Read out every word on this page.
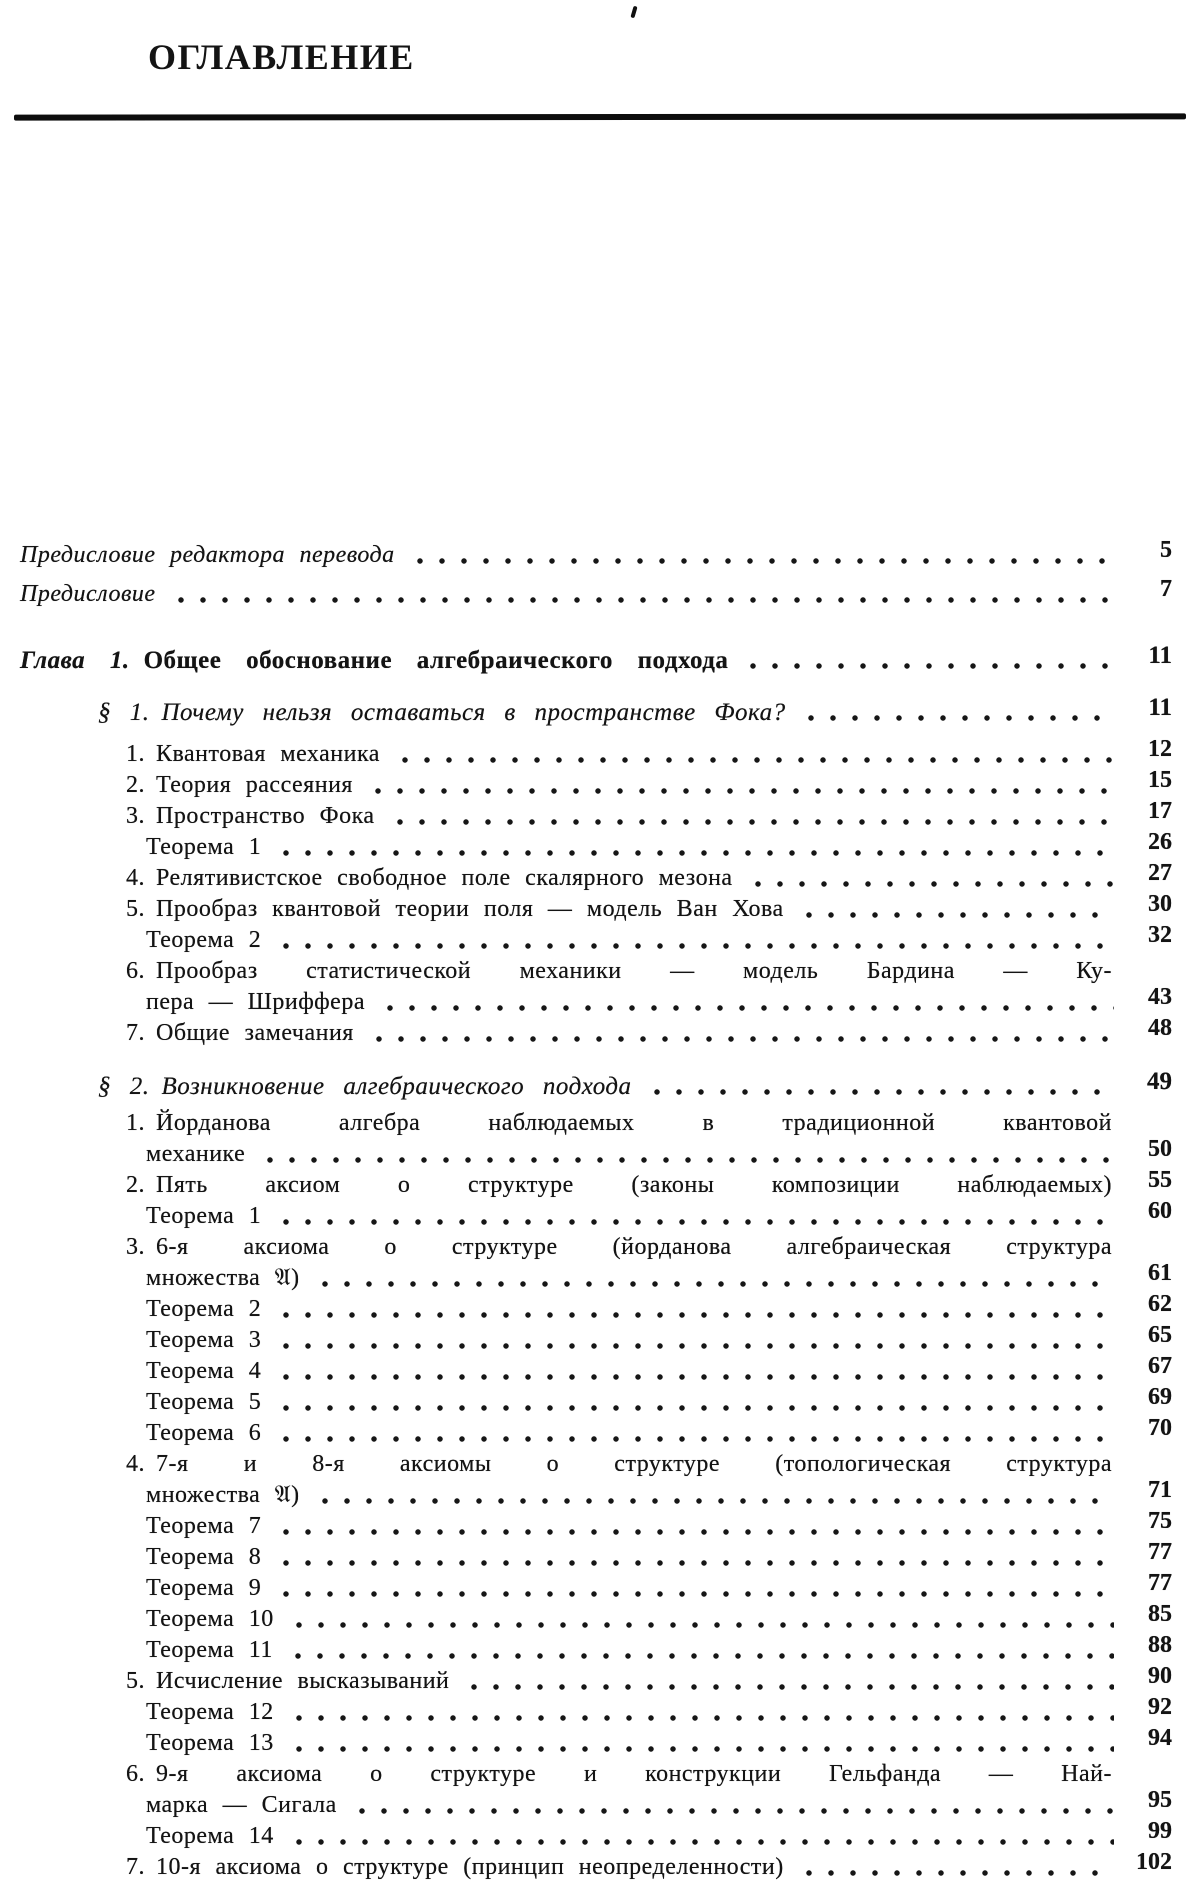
ОГЛАВЛЕНИЕ
Предисловие редактора перевода	5
Предисловие	7
Глава 1. Общее обоснование алгебраического подхода	11
§ 1. Почему нельзя оставаться в пространстве Фока?	11
1. Квантовая механика	12
2. Теория рассеяния	15
3. Пространство Фока	17
Теорема 1	26
4. Релятивистское свободное поле скалярного мезона	27
5. Прообраз квантовой теории поля — модель Ван Хова	30
Теорема 2	32
6. Прообраз статистической механики — модель Бардина — Ку-
пера — Шриффера	43
7. Общие замечания	48
§ 2. Возникновение алгебраического подхода	49
1. Йорданова алгебра наблюдаемых в традиционной квантовой
механике	50
2. Пять аксиом о структуре (законы композиции наблюдаемых)	55
Теорема 1	60
3. 6-я аксиома о структуре (йорданова алгебраическая структура
множества 𝔄)	61
Теорема 2	62
Теорема 3	65
Теорема 4	67
Теорема 5	69
Теорема 6	70
4. 7-я и 8-я аксиомы о структуре (топологическая структура
множества 𝔄)	71
Теорема 7	75
Теорема 8	77
Теорема 9	77
Теорема 10	85
Теорема 11	88
5. Исчисление высказываний	90
Теорема 12	92
Теорема 13	94
6. 9-я аксиома о структуре и конструкции Гельфанда — Най-
марка — Сигала	95
Теорема 14	99
7. 10-я аксиома о структуре (принцип неопределенности)	102
